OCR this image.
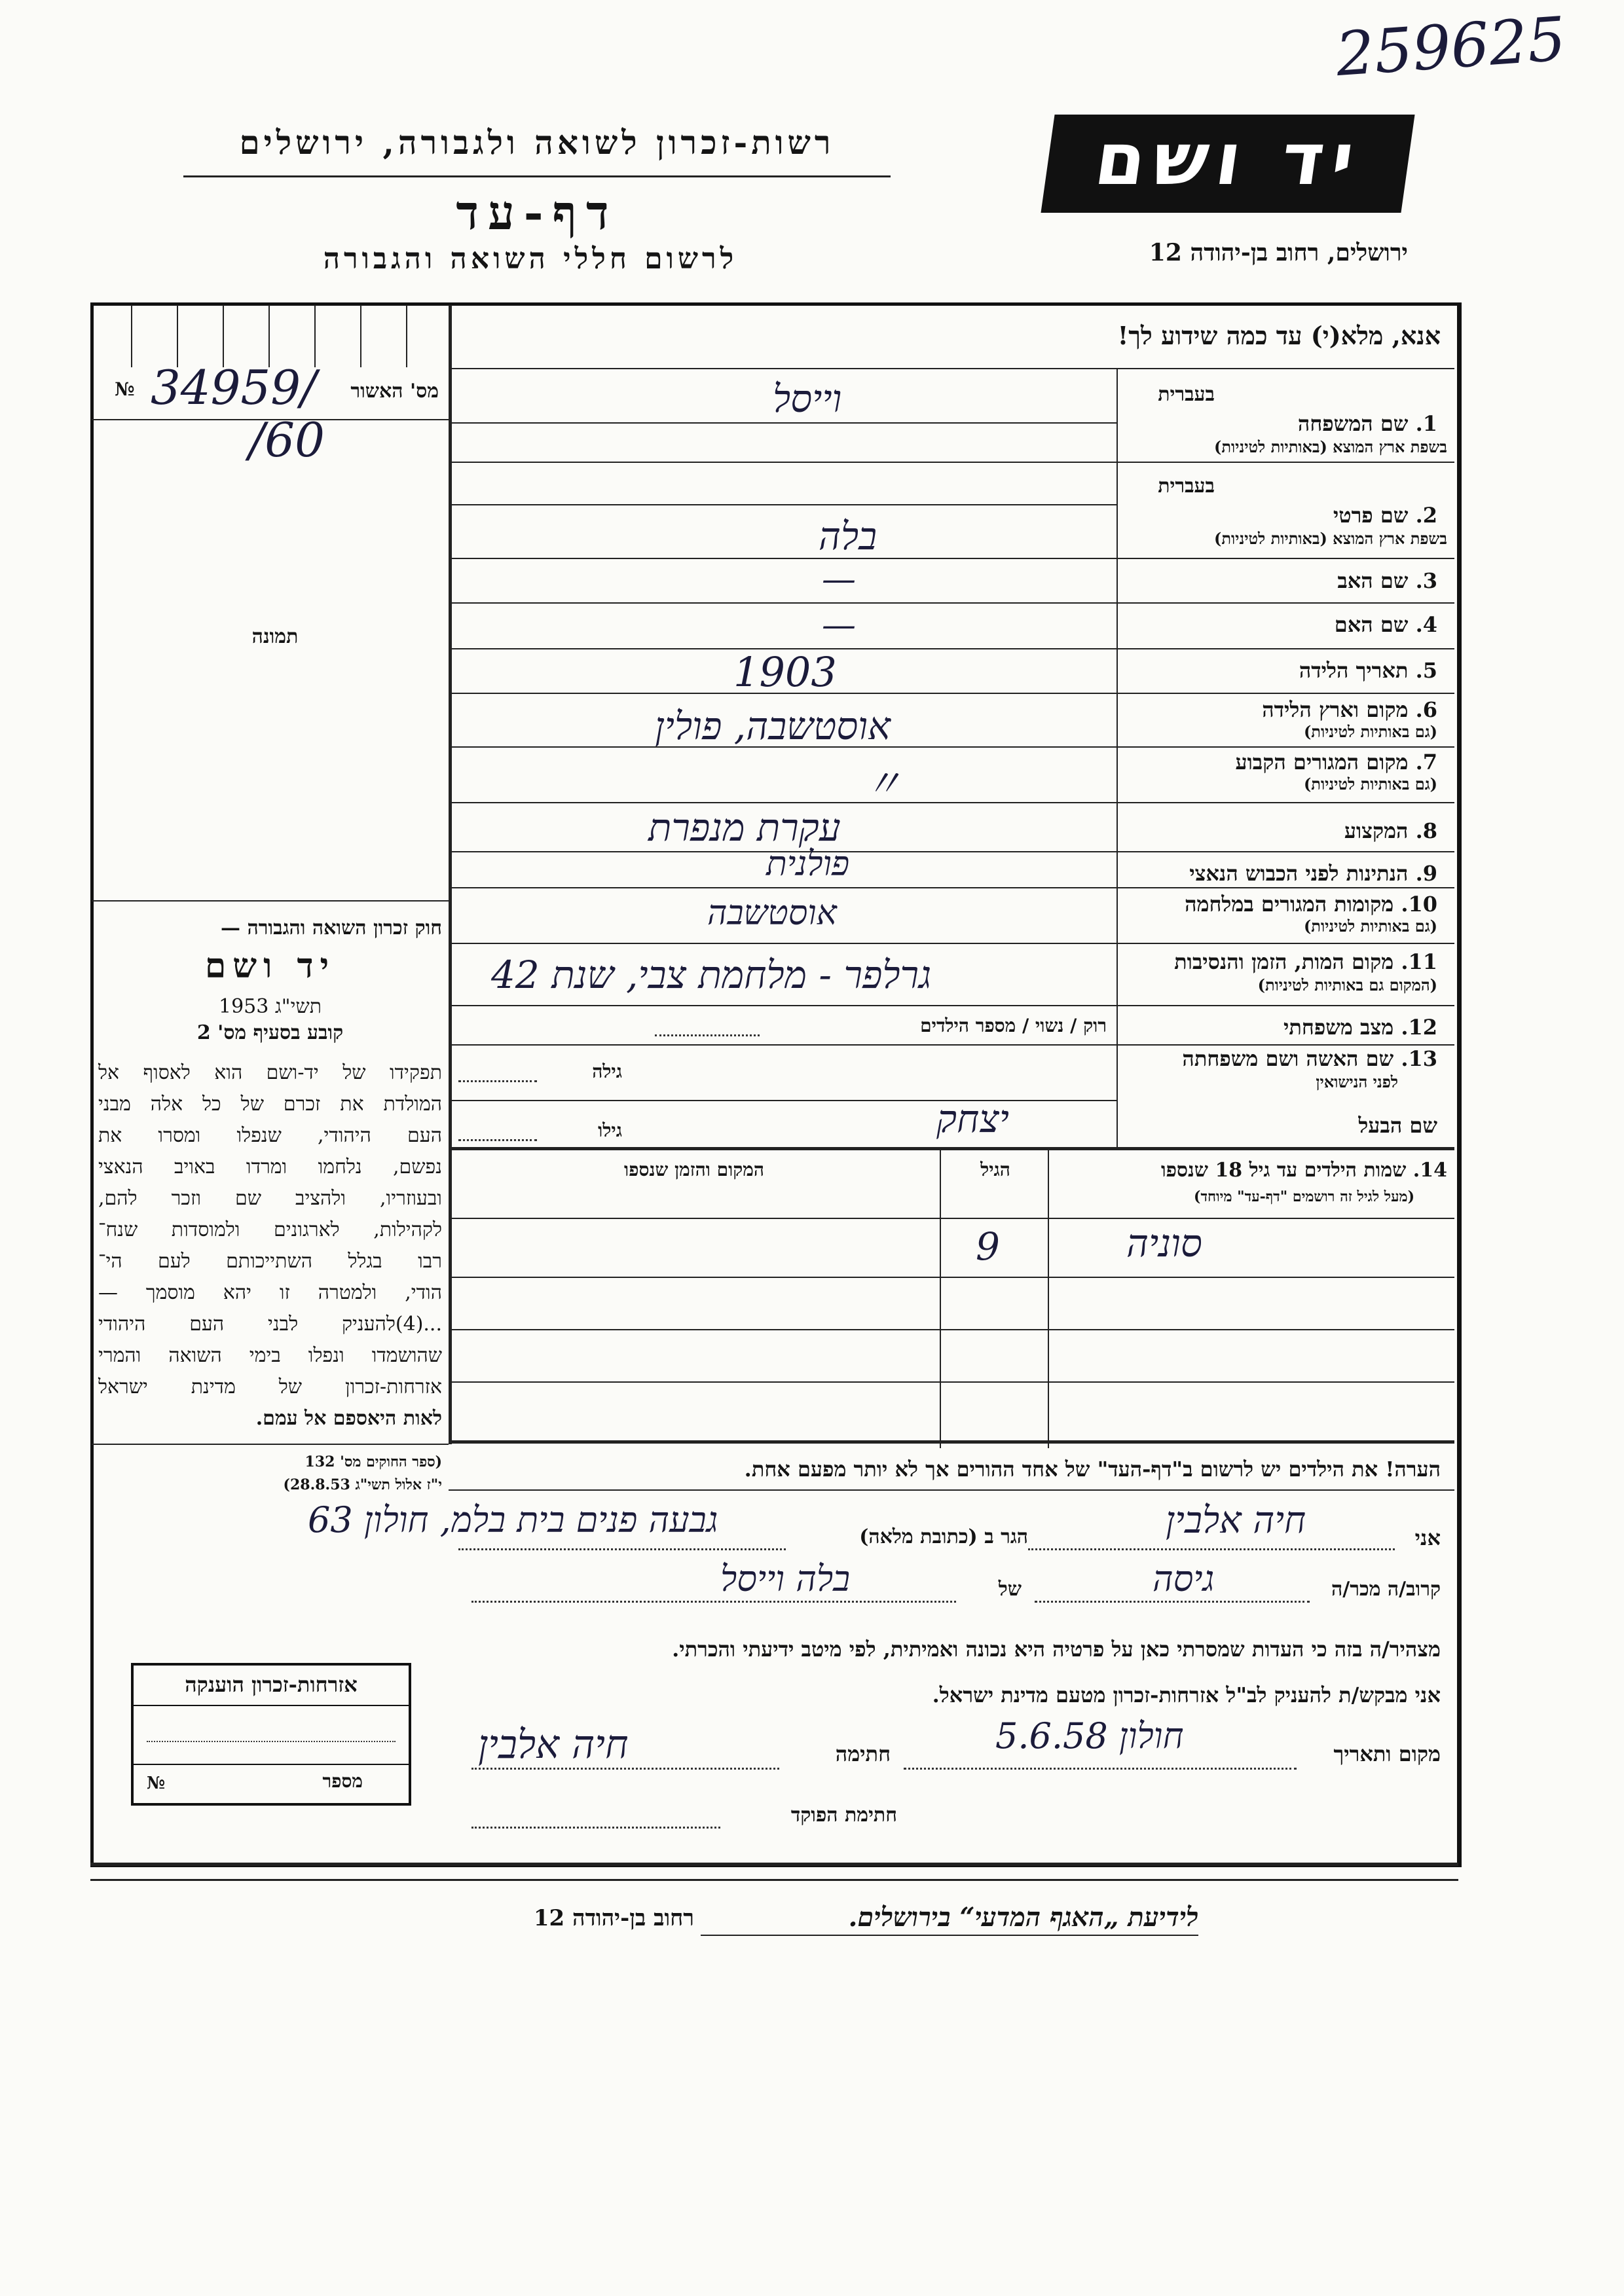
259625
רשות-זכרון לשואה ולגבורה, ירושלים
דף-עד
לרשום חללי השואה והגבורה
יד ושם
ירושלים, רחוב בן-יהודה 12
אנא, מלא(י) עד כמה שידוע לך!
№	מס' האשור
34959/
/60
תמונה
חוק זכרון השואה והגבורה —
יד ושם
תשי"ג 1953
קובע בסעיף מס' 2
תפקידו של יד-ושם הוא לאסוף אל
המולדת את זכרם של כל אלה מבני
העם היהודי, שנפלו ומסרו את
נפשם, נלחמו ומרדו באויב הנאצי
ובעוזריו, ולהציב שם וזכר להם,
לקהילות, לארגונים ולמוסדות שנח־
רבו בגלל השתייכותם לעם הי־
הודי, ולמטרה זו יהא מוסמך —
...(4)להעניק לבני העם היהודי
שהושמדו ונפלו בימי השואה והמרי
אזרחות-זכרון של מדינת ישראל
לאות היאספם אל עמם.
(ספר החוקים מס' 132
י"ז אלול תשי"ג 28.8.53)
בעברית
1. שם המשפחה
בשפת ארץ המוצא (באותיות לטיניות)
וייסל
בעברית
2. שם פרטי
בשפת ארץ המוצא (באותיות לטיניות)
בלה
3. שם האב
—
4. שם האם
—
5. תאריך הלידה
1903
6. מקום וארץ הלידה
(גם באותיות לטיניות)
אוסטשבה, פולין
7. מקום המגורים הקבוע
(גם באותיות לטיניות)
〃
8. המקצוע
עקרת מנפרת
9. הנתינות לפני הכבוש הנאצי
פולנית
10. מקומות המגורים במלחמה
(גם באותיות לטיניות)
אוסטשבה
11. מקום המות, הזמן והנסיבות
(המקום גם באותיות לטיניות)
גרלפר - מלחמת צבי, שנת 42
12. מצב משפחתי
רוק / נשוי / מספר הילדים
13. שם האשה ושם משפחתה
לפני הנישואין
גילה
שם הבעל
יצחק
גילו
14. שמות הילדים עד גיל 18 שנספו
(מעל לגיל זה רושמים "דף-עד" מיוחד)
הגיל
המקום והזמן שנספו
סוניה
9
הערה! את הילדים יש לרשום ב"דף-העד" של אחד ההורים אך לא יותר מפעם אחת.
אני
חיה אלבין
הגר ב (כתובת מלאה)
גבעה פנים בית בלמ, חולון 63
קרוב/ה מכר/ה
גיסה
של
בלה וייסל
מצהיר/ה בזה כי העדות שמסרתי כאן על פרטיה היא נכונה ואמיתית, לפי מיטב ידיעתי והכרתי.
אני מבקש/ת להעניק לב"ל אזרחות-זכרון מטעם מדינת ישראל.
מקום ותאריך
חולון 5.6.58
חתימה
חיה אלבין
חתימת הפוקד
אזרחות-זכרון הוענקה
№	מספר
לידיעת „האגף המדעי“ בירושלים.
רחוב בן-יהודה 12
